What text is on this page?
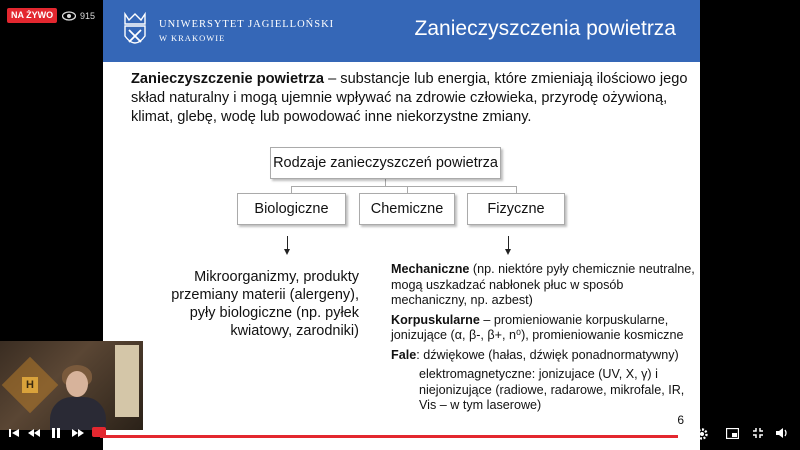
NA ŻYWO	915
UNIWERSYTET JAGIELLOŃSKI
W KRAKOWIE	Zanieczyszczenia powietrza
Zanieczyszczenie powietrza – substancje lub energia, które zmieniają ilościowo jego skład naturalny i mogą ujemnie wpływać na zdrowie człowieka, przyrodę ożywioną, klimat, glebę, wodę lub powodować inne niekorzystne zmiany.
Rodzaje zanieczyszczeń powietrza
Biologiczne	Chemiczne	Fizyczne
Mikroorganizmy, produkty przemiany materii (alergeny), pyły biologiczne (np. pyłek kwiatowy, zarodniki)

Mechaniczne (np. niektóre pyły chemicznie neutralne, mogą uszkadzać nabłonek płuc w sposób mechaniczny, np. azbest)

Korpuskularne – promieniowanie korpuskularne, jonizujące (α, β-, β+, n⁰), promieniowanie kosmiczne

Fale: dźwiękowe (hałas, dźwięk ponadnormatywny)

elektromagnetyczne: jonizujace (UV, X, γ) i niejonizujące (radiowe, radarowe, mikrofale, IR, Vis – w tym laserowe)

6
H
